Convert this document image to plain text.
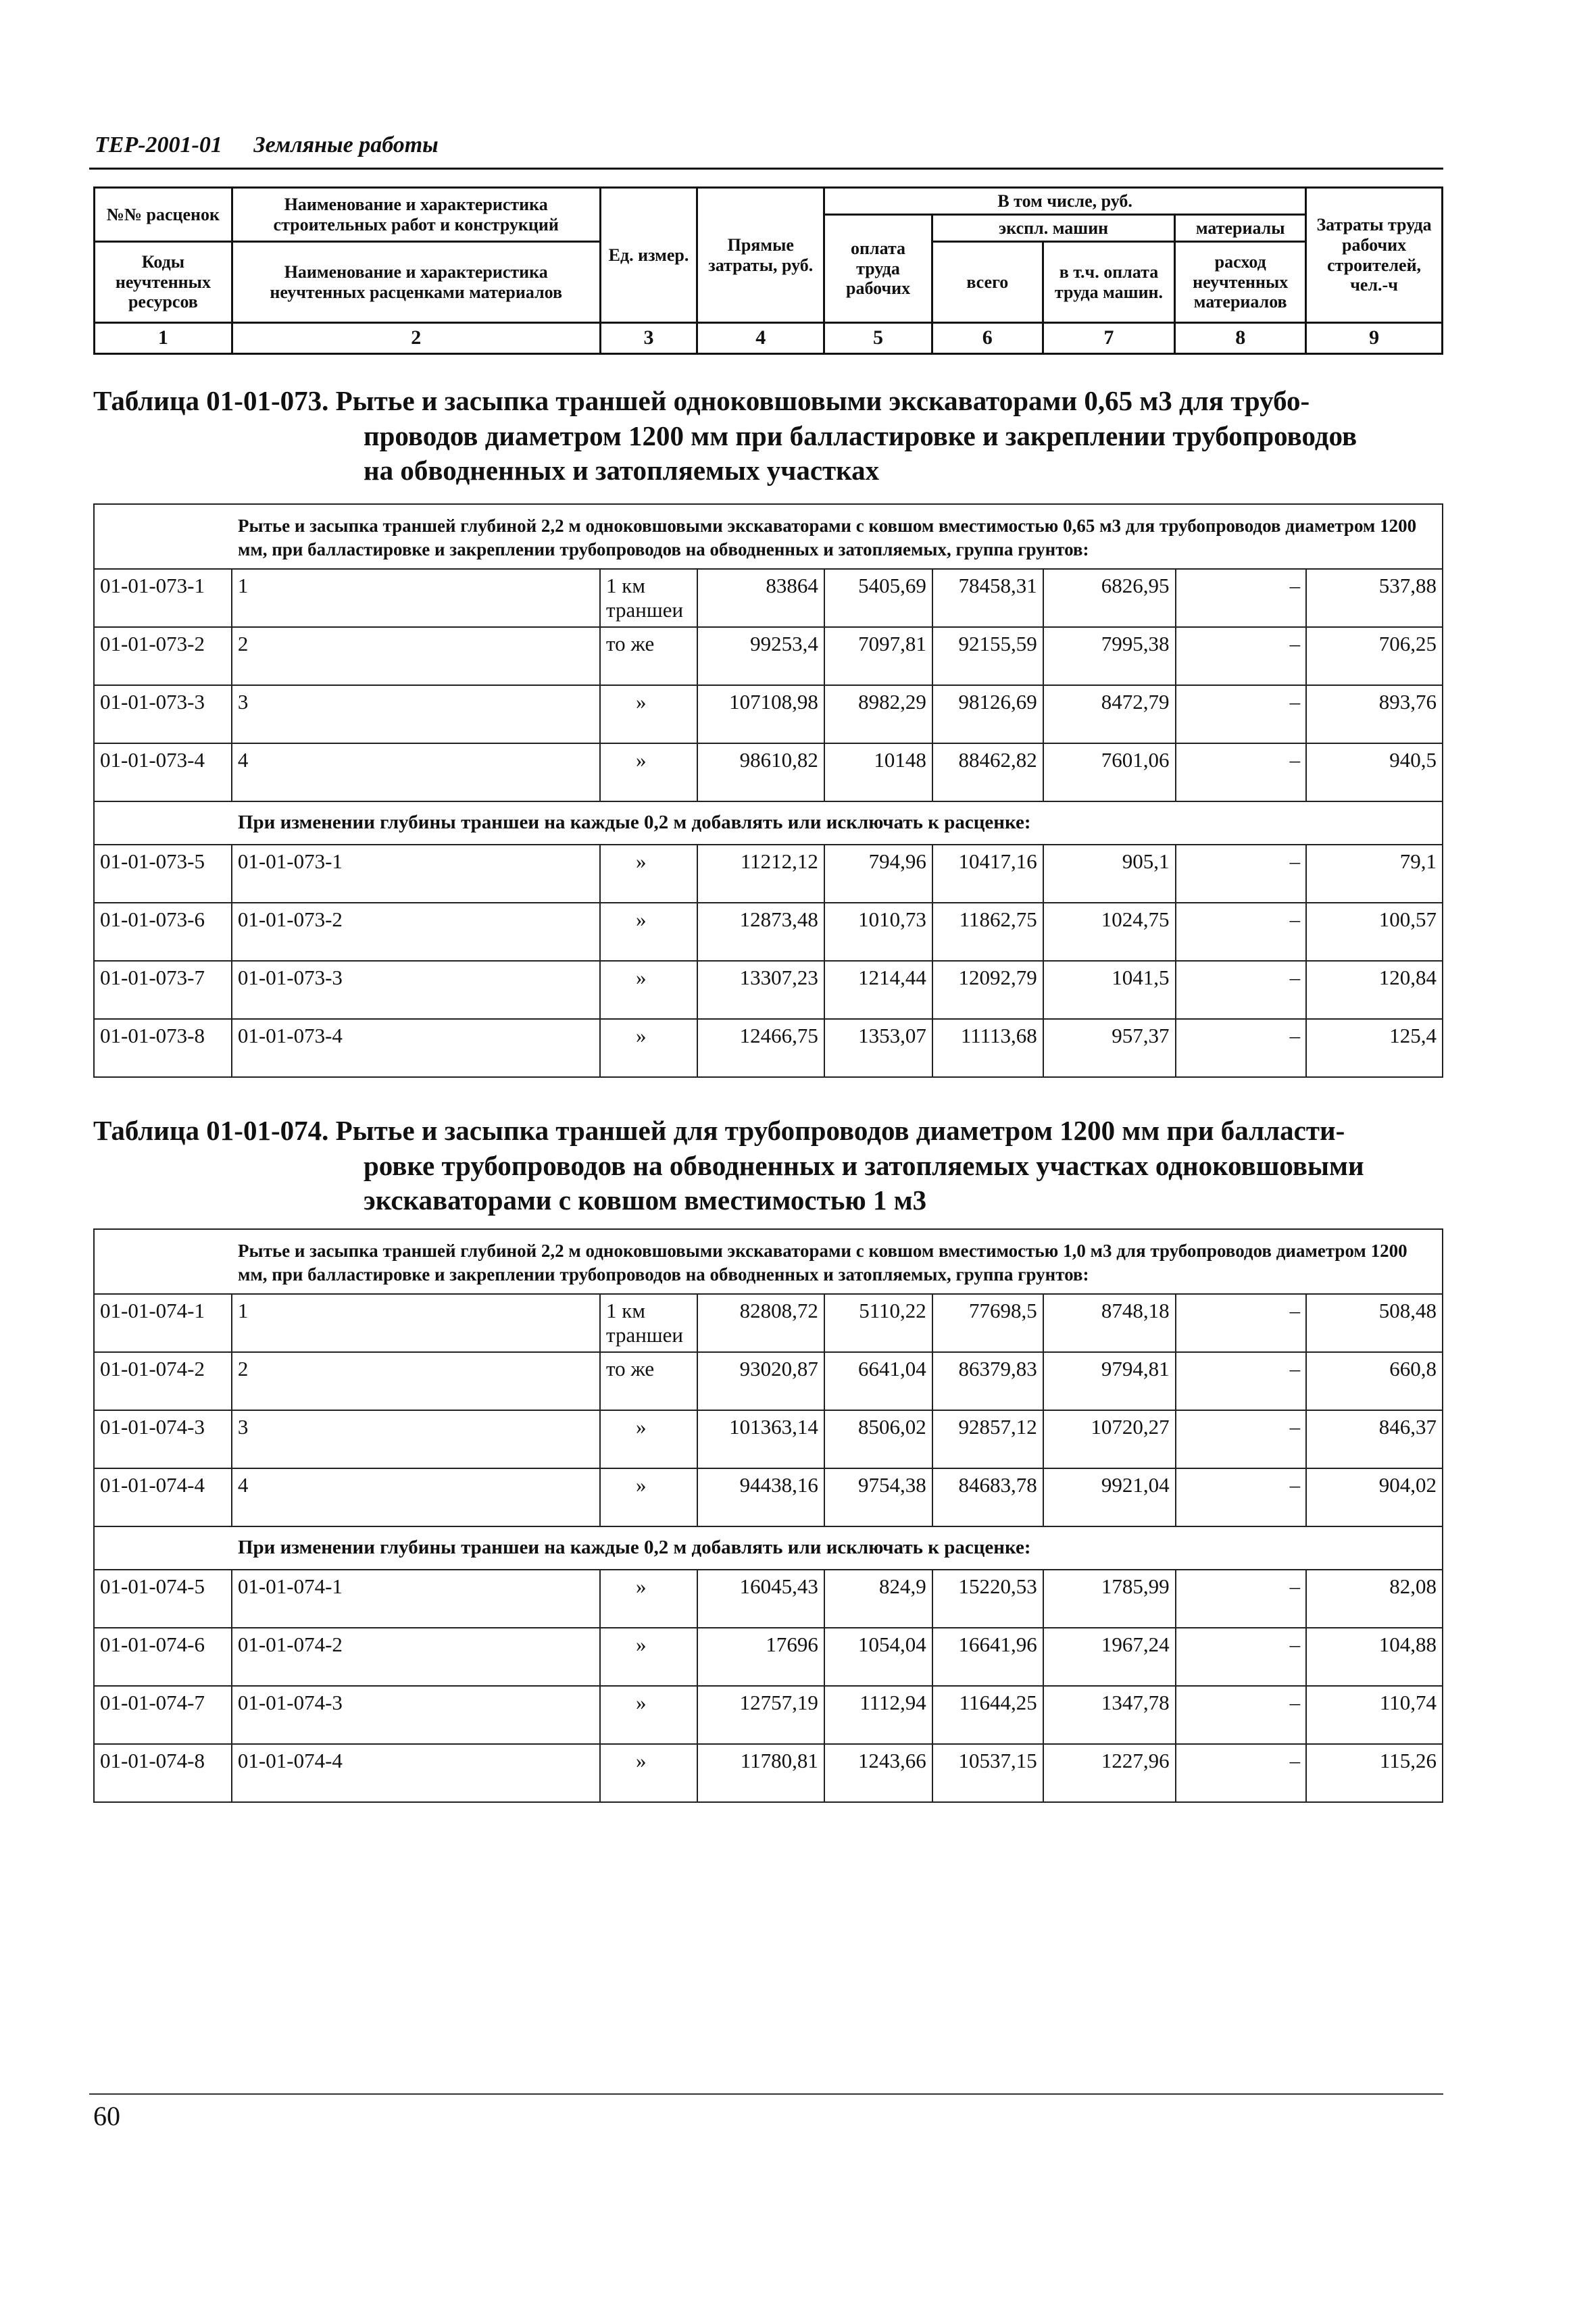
ТЕР-2001-01 Земляные работы
№№ расценок	Наименование и характеристика строительных работ и конструкций	Ед. измер.	Прямые затраты, руб.	В том числе, руб.				Затраты труда рабочих строителей, чел.-ч
				оплата труда рабочих	экспл. машин		материалы	
Коды неучтенных ресурсов	Наименование и характеристика неучтенных расценками материалов				всего	в т.ч. оплата труда машин.	расход неучтенных материалов	

1	2	3	4	5	6	7	8	9
Таблица 01-01-073. Рытье и засыпка траншей одноковшовыми экскаваторами 0,65 м3 для трубо-
проводов диаметром 1200 мм при балластировке и закреплении трубопроводов
на обводненных и затопляемых участках
Рытье и засыпка траншей глубиной 2,2 м одноковшовыми экскаваторами с ковшом вместимостью 0,65 м3 для трубопроводов диаметром 1200 мм, при балластировке и закреплении трубопроводов на обводненных и затопляемых, группа грунтов:								
01-01-073-1	1	1 км траншеи	83864	5405,69	78458,31	6826,95	–	537,88
01-01-073-2	2	то же	99253,4	7097,81	92155,59	7995,38	–	706,25
01-01-073-3	3	»	107108,98	8982,29	98126,69	8472,79	–	893,76
01-01-073-4	4	»	98610,82	10148	88462,82	7601,06	–	940,5
При изменении глубины траншеи на каждые 0,2 м добавлять или исключать к расценке:								
01-01-073-5	01-01-073-1	»	11212,12	794,96	10417,16	905,1	–	79,1
01-01-073-6	01-01-073-2	»	12873,48	1010,73	11862,75	1024,75	–	100,57
01-01-073-7	01-01-073-3	»	13307,23	1214,44	12092,79	1041,5	–	120,84
01-01-073-8	01-01-073-4	»	12466,75	1353,07	11113,68	957,37	–	125,4
Таблица 01-01-074. Рытье и засыпка траншей для трубопроводов диаметром 1200 мм при балласти-
ровке трубопроводов на обводненных и затопляемых участках одноковшовыми
экскаваторами с ковшом вместимостью 1 м3
Рытье и засыпка траншей глубиной 2,2 м одноковшовыми экскаваторами с ковшом вместимостью 1,0 м3 для трубопроводов диаметром 1200 мм, при балластировке и закреплении трубопроводов на обводненных и затопляемых, группа грунтов:								
01-01-074-1	1	1 км траншеи	82808,72	5110,22	77698,5	8748,18	–	508,48
01-01-074-2	2	то же	93020,87	6641,04	86379,83	9794,81	–	660,8
01-01-074-3	3	»	101363,14	8506,02	92857,12	10720,27	–	846,37
01-01-074-4	4	»	94438,16	9754,38	84683,78	9921,04	–	904,02
При изменении глубины траншеи на каждые 0,2 м добавлять или исключать к расценке:								
01-01-074-5	01-01-074-1	»	16045,43	824,9	15220,53	1785,99	–	82,08
01-01-074-6	01-01-074-2	»	17696	1054,04	16641,96	1967,24	–	104,88
01-01-074-7	01-01-074-3	»	12757,19	1112,94	11644,25	1347,78	–	110,74
01-01-074-8	01-01-074-4	»	11780,81	1243,66	10537,15	1227,96	–	115,26
60
